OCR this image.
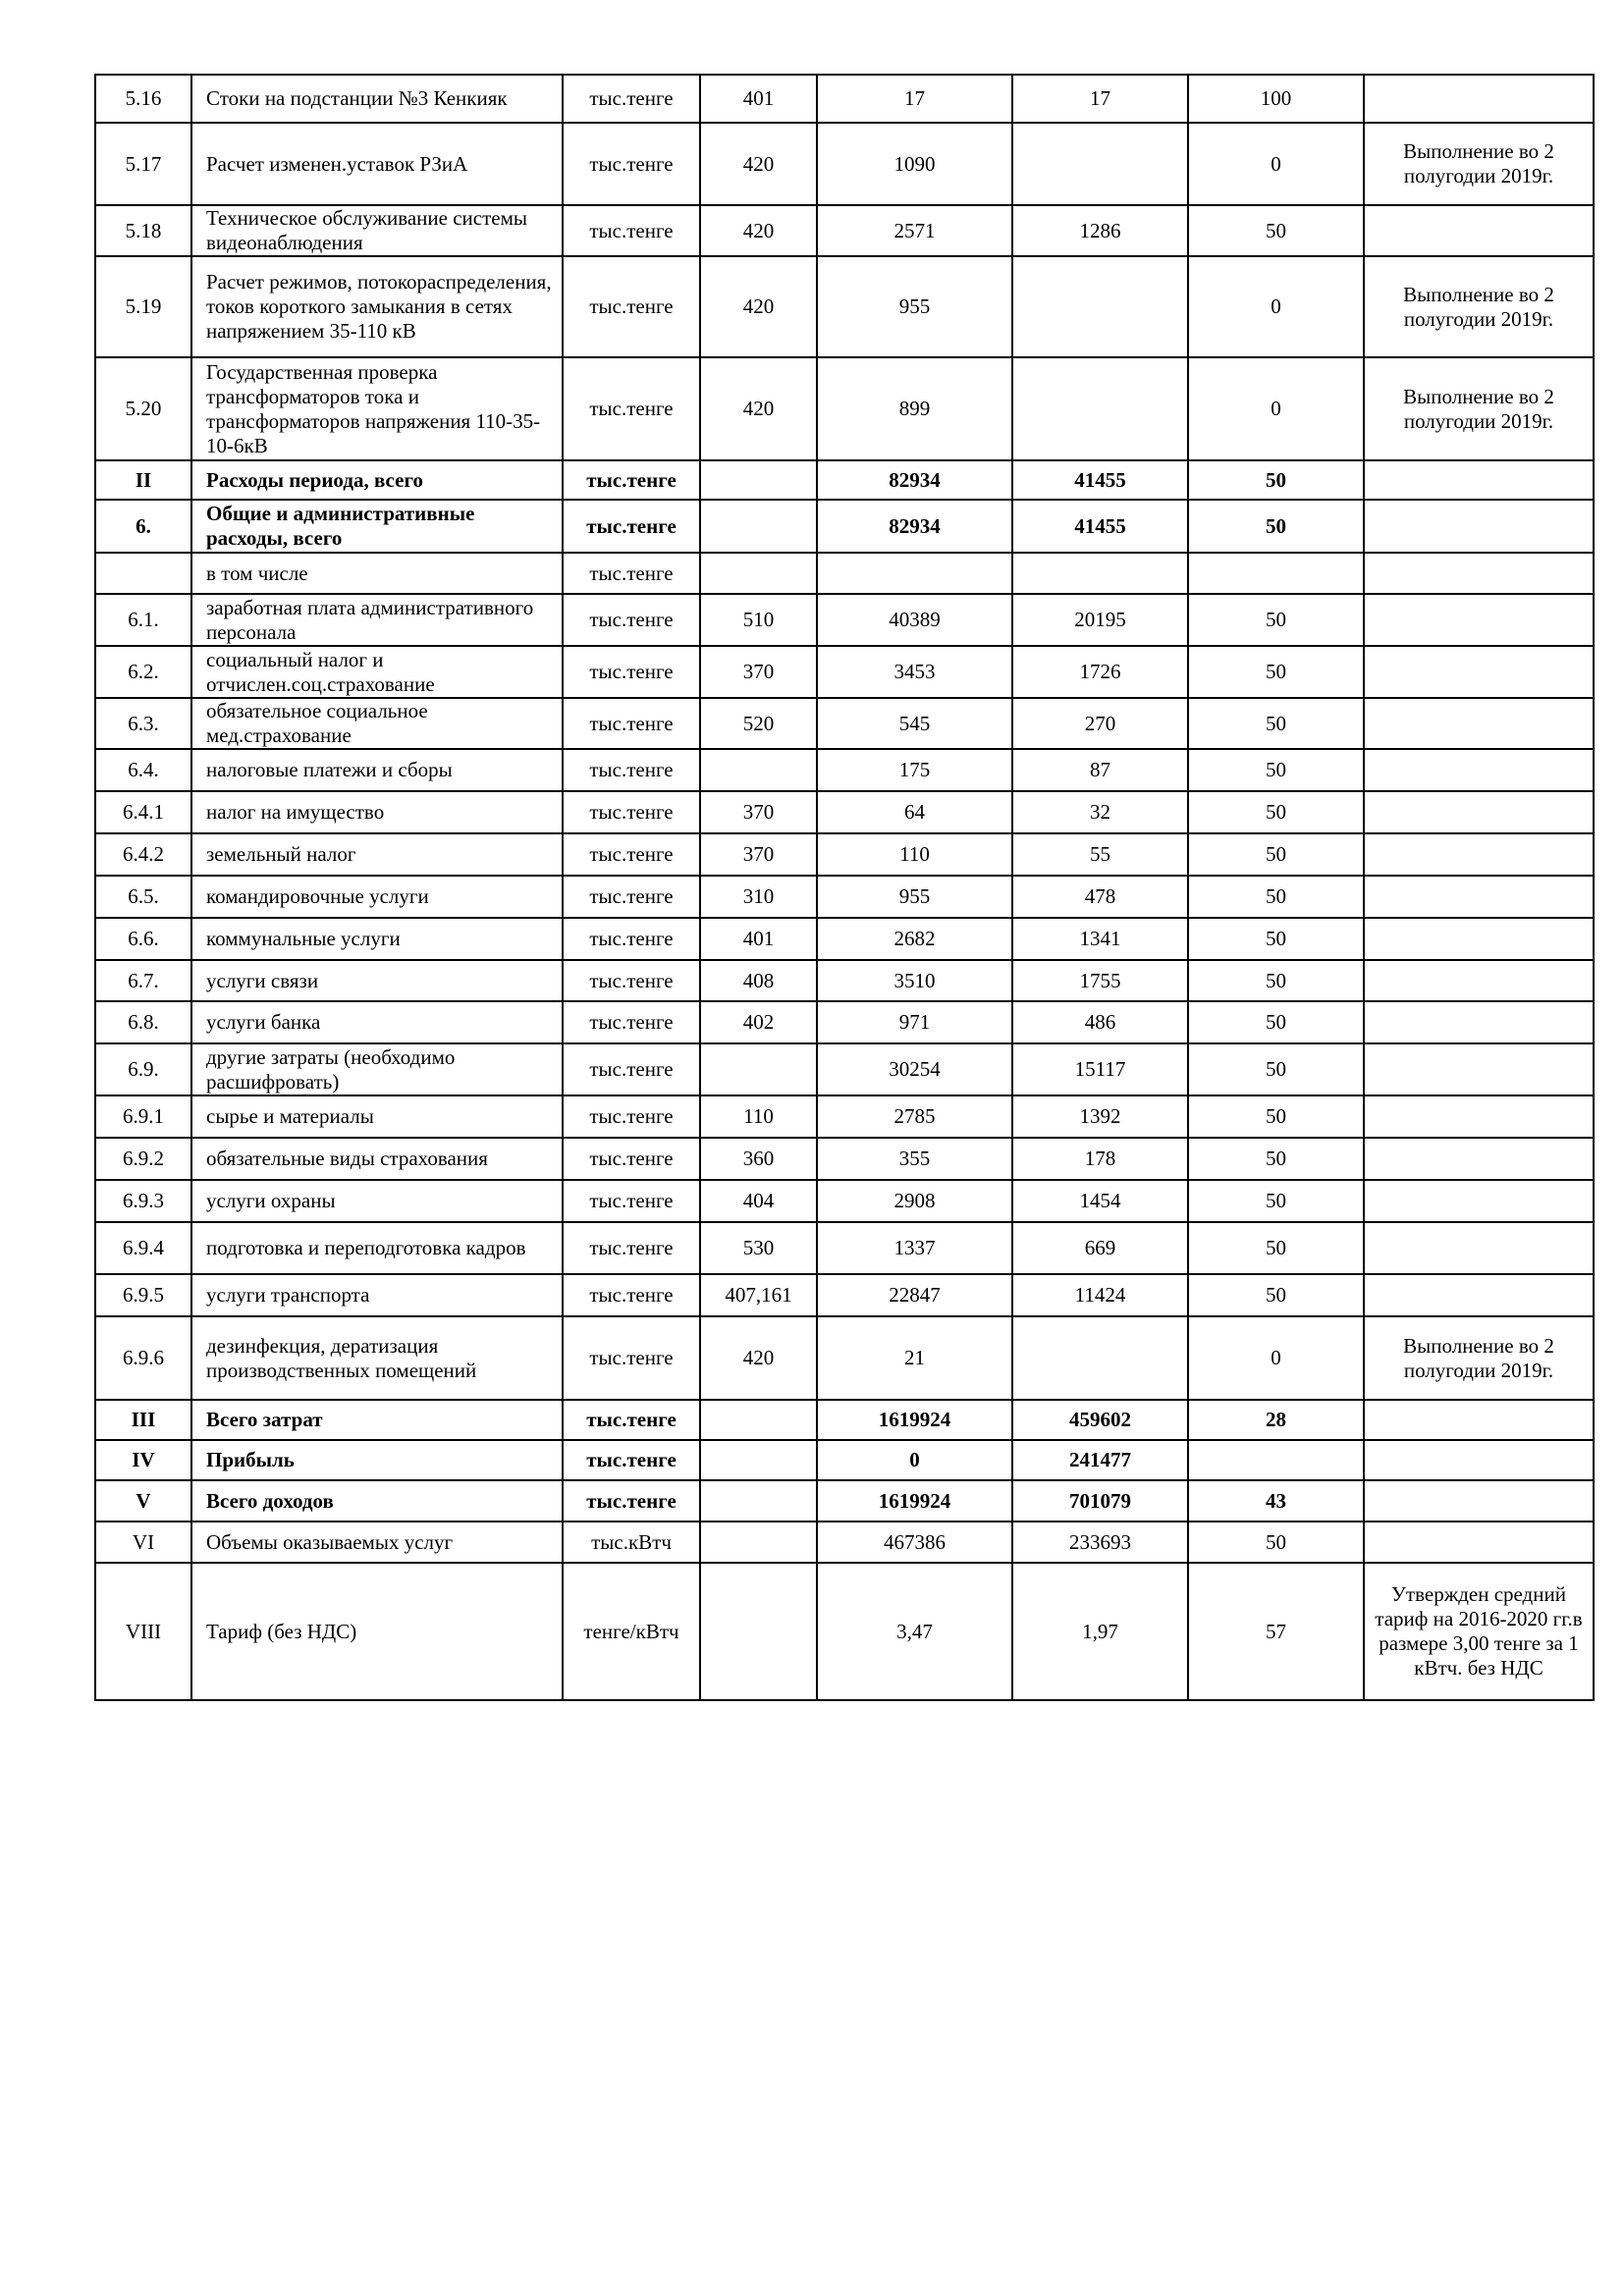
5.16	Стоки на подстанции №3 Кенкияк	тыс.тенге	401	17	17	100	
5.17	Расчет изменен.уставок РЗиА	тыс.тенге	420	1090		0	Выполнение во 2 полугодии 2019г.
5.18	Техническое обслуживание системы видеонаблюдения	тыс.тенге	420	2571	1286	50	
5.19	Расчет режимов, потокораспределения, токов короткого замыкания в сетях напряжением 35-110 кВ	тыс.тенге	420	955		0	Выполнение во 2 полугодии 2019г.
5.20	Государственная проверка трансформаторов тока и трансформаторов напряжения 110-35-10-6кВ	тыс.тенге	420	899		0	Выполнение во 2 полугодии 2019г.
II	Расходы периода, всего	тыс.тенге		82934	41455	50	
6.	Общие и административные расходы, всего	тыс.тенге		82934	41455	50	
	в том числе	тыс.тенге					
6.1.	заработная плата административного персонала	тыс.тенге	510	40389	20195	50	
6.2.	социальный налог и отчислен.соц.страхование	тыс.тенге	370	3453	1726	50	
6.3.	обязательное социальное мед.страхование	тыс.тенге	520	545	270	50	
6.4.	налоговые платежи и сборы	тыс.тенге		175	87	50	
6.4.1	налог на имущество	тыс.тенге	370	64	32	50	
6.4.2	земельный налог	тыс.тенге	370	110	55	50	
6.5.	командировочные услуги	тыс.тенге	310	955	478	50	
6.6.	коммунальные услуги	тыс.тенге	401	2682	1341	50	
6.7.	услуги связи	тыс.тенге	408	3510	1755	50	
6.8.	услуги банка	тыс.тенге	402	971	486	50	
6.9.	другие затраты (необходимо расшифровать)	тыс.тенге		30254	15117	50	
6.9.1	сырье и материалы	тыс.тенге	110	2785	1392	50	
6.9.2	обязательные виды страхования	тыс.тенге	360	355	178	50	
6.9.3	услуги охраны	тыс.тенге	404	2908	1454	50	
6.9.4	подготовка и переподготовка кадров	тыс.тенге	530	1337	669	50	
6.9.5	услуги транспорта	тыс.тенге	407,161	22847	11424	50	
6.9.6	дезинфекция, дератизация производственных помещений	тыс.тенге	420	21		0	Выполнение во 2 полугодии 2019г.
III	Всего затрат	тыс.тенге		1619924	459602	28	
IV	Прибыль	тыс.тенге		0	241477		
V	Всего доходов	тыс.тенге		1619924	701079	43	
VI	Объемы оказываемых услуг	тыс.кВтч		467386	233693	50	
VIII	Тариф (без НДС)	тенге/кВтч		3,47	1,97	57	Утвержден средний тариф на 2016-2020 гг.в размере 3,00 тенге за 1 кВтч. без НДС
